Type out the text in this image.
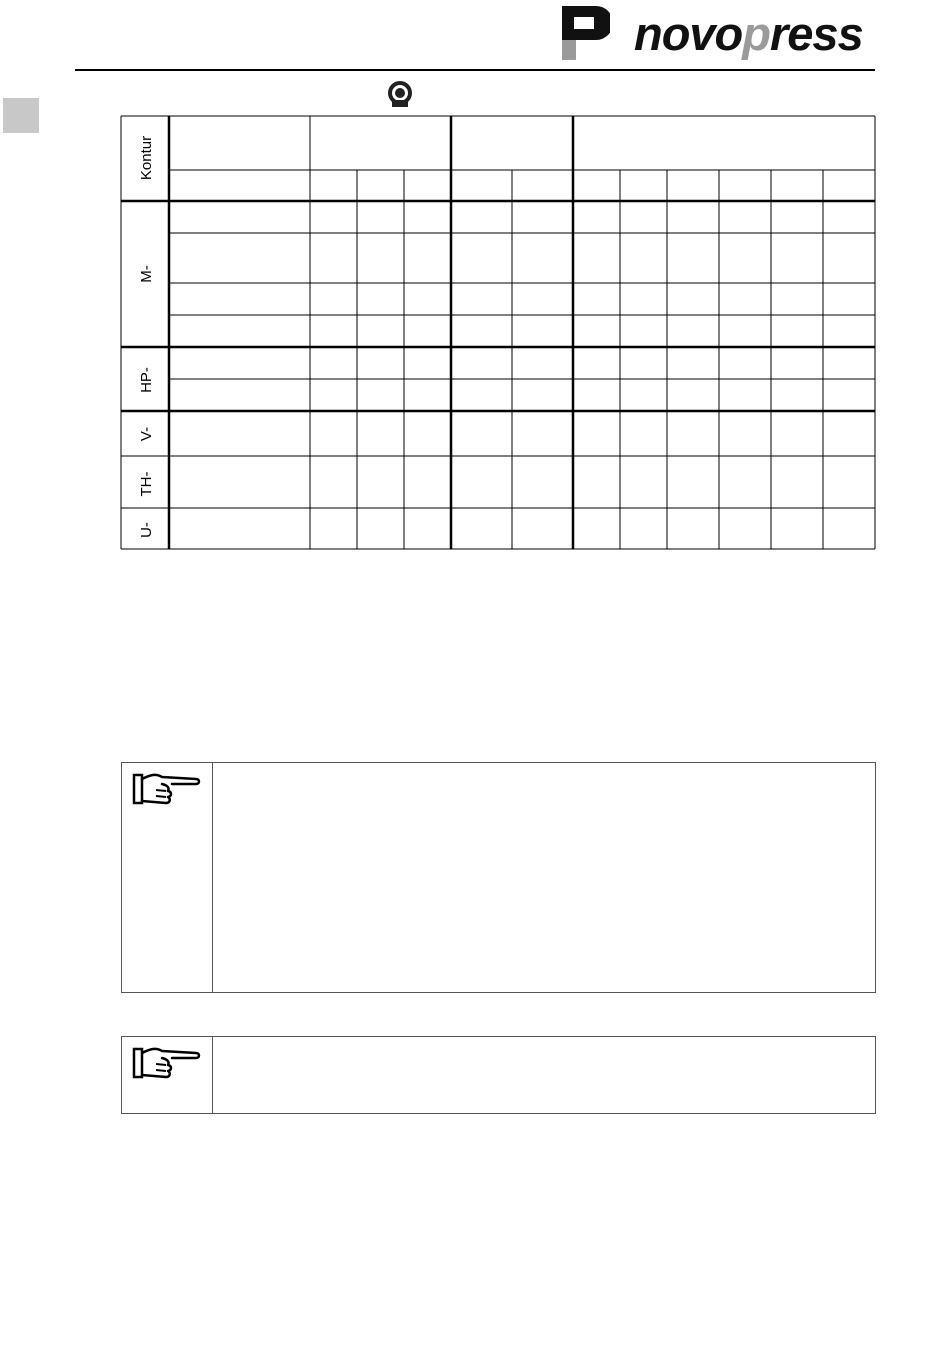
novopress
Kontur
M-
HP-
V-
TH-
U-
